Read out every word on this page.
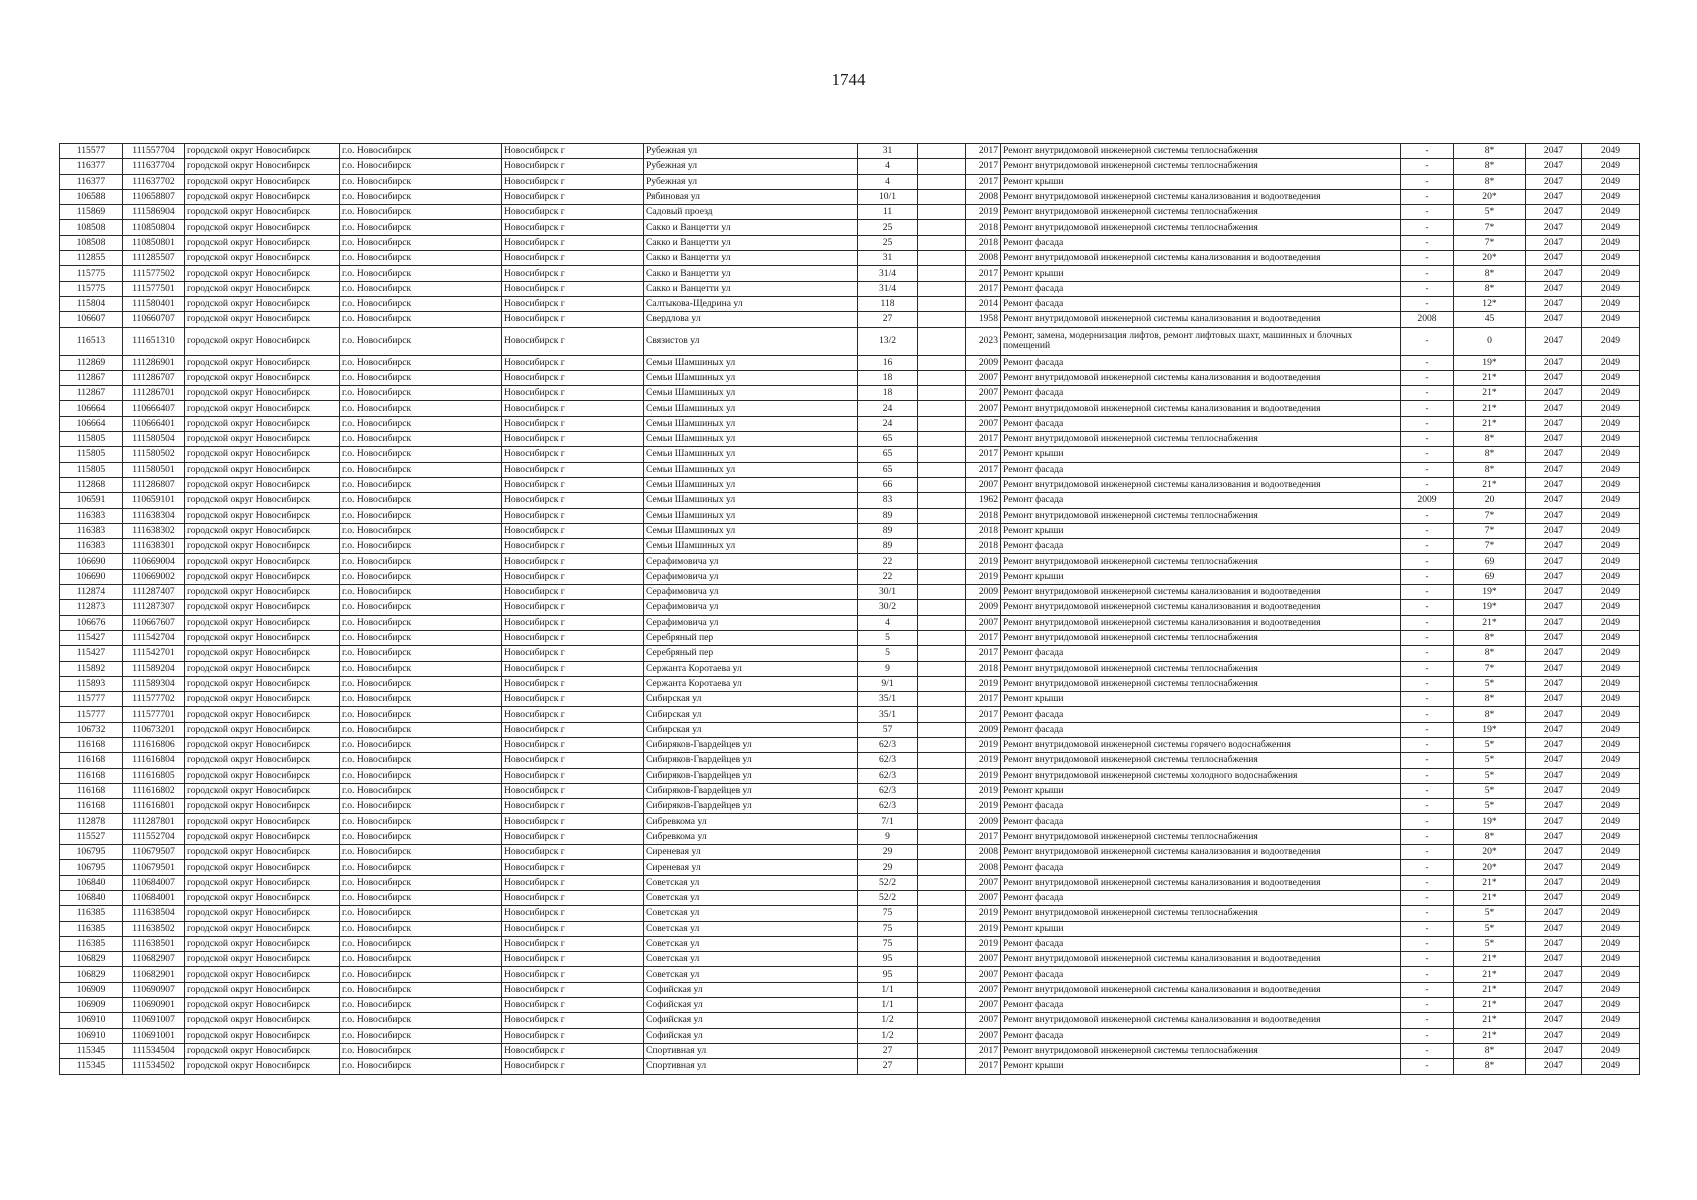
1744
115577	111557704	городской округ Новосибирск	г.о. Новосибирск	Новосибирск г	Рубежная ул	31		2017	Ремонт внутридомовой инженерной системы теплоснабжения	-	8*	2047	2049
116377	111637704	городской округ Новосибирск	г.о. Новосибирск	Новосибирск г	Рубежная ул	4		2017	Ремонт внутридомовой инженерной системы теплоснабжения	-	8*	2047	2049
116377	111637702	городской округ Новосибирск	г.о. Новосибирск	Новосибирск г	Рубежная ул	4		2017	Ремонт крыши	-	8*	2047	2049
106588	110658807	городской округ Новосибирск	г.о. Новосибирск	Новосибирск г	Рябиновая ул	10/1		2008	Ремонт внутридомовой инженерной системы канализования и водоотведения	-	20*	2047	2049
115869	111586904	городской округ Новосибирск	г.о. Новосибирск	Новосибирск г	Садовый проезд	11		2019	Ремонт внутридомовой инженерной системы теплоснабжения	-	5*	2047	2049
108508	110850804	городской округ Новосибирск	г.о. Новосибирск	Новосибирск г	Сакко и Ванцетти ул	25		2018	Ремонт внутридомовой инженерной системы теплоснабжения	-	7*	2047	2049
108508	110850801	городской округ Новосибирск	г.о. Новосибирск	Новосибирск г	Сакко и Ванцетти ул	25		2018	Ремонт фасада	-	7*	2047	2049
112855	111285507	городской округ Новосибирск	г.о. Новосибирск	Новосибирск г	Сакко и Ванцетти ул	31		2008	Ремонт внутридомовой инженерной системы канализования и водоотведения	-	20*	2047	2049
115775	111577502	городской округ Новосибирск	г.о. Новосибирск	Новосибирск г	Сакко и Ванцетти ул	31/4		2017	Ремонт крыши	-	8*	2047	2049
115775	111577501	городской округ Новосибирск	г.о. Новосибирск	Новосибирск г	Сакко и Ванцетти ул	31/4		2017	Ремонт фасада	-	8*	2047	2049
115804	111580401	городской округ Новосибирск	г.о. Новосибирск	Новосибирск г	Салтыкова-Щедрина ул	118		2014	Ремонт фасада	-	12*	2047	2049
106607	110660707	городской округ Новосибирск	г.о. Новосибирск	Новосибирск г	Свердлова ул	27		1958	Ремонт внутридомовой инженерной системы канализования и водоотведения	2008	45	2047	2049
116513	111651310	городской округ Новосибирск	г.о. Новосибирск	Новосибирск г	Связистов ул	13/2		2023	Ремонт, замена, модернизация лифтов, ремонт лифтовых шахт, машинных и блочных помещений	-	0	2047	2049
112869	111286901	городской округ Новосибирск	г.о. Новосибирск	Новосибирск г	Семьи Шамшиных ул	16		2009	Ремонт фасада	-	19*	2047	2049
112867	111286707	городской округ Новосибирск	г.о. Новосибирск	Новосибирск г	Семьи Шамшиных ул	18		2007	Ремонт внутридомовой инженерной системы канализования и водоотведения	-	21*	2047	2049
112867	111286701	городской округ Новосибирск	г.о. Новосибирск	Новосибирск г	Семьи Шамшиных ул	18		2007	Ремонт фасада	-	21*	2047	2049
106664	110666407	городской округ Новосибирск	г.о. Новосибирск	Новосибирск г	Семьи Шамшиных ул	24		2007	Ремонт внутридомовой инженерной системы канализования и водоотведения	-	21*	2047	2049
106664	110666401	городской округ Новосибирск	г.о. Новосибирск	Новосибирск г	Семьи Шамшиных ул	24		2007	Ремонт фасада	-	21*	2047	2049
115805	111580504	городской округ Новосибирск	г.о. Новосибирск	Новосибирск г	Семьи Шамшиных ул	65		2017	Ремонт внутридомовой инженерной системы теплоснабжения	-	8*	2047	2049
115805	111580502	городской округ Новосибирск	г.о. Новосибирск	Новосибирск г	Семьи Шамшиных ул	65		2017	Ремонт крыши	-	8*	2047	2049
115805	111580501	городской округ Новосибирск	г.о. Новосибирск	Новосибирск г	Семьи Шамшиных ул	65		2017	Ремонт фасада	-	8*	2047	2049
112868	111286807	городской округ Новосибирск	г.о. Новосибирск	Новосибирск г	Семьи Шамшиных ул	66		2007	Ремонт внутридомовой инженерной системы канализования и водоотведения	-	21*	2047	2049
106591	110659101	городской округ Новосибирск	г.о. Новосибирск	Новосибирск г	Семьи Шамшиных ул	83		1962	Ремонт фасада	2009	20	2047	2049
116383	111638304	городской округ Новосибирск	г.о. Новосибирск	Новосибирск г	Семьи Шамшиных ул	89		2018	Ремонт внутридомовой инженерной системы теплоснабжения	-	7*	2047	2049
116383	111638302	городской округ Новосибирск	г.о. Новосибирск	Новосибирск г	Семьи Шамшиных ул	89		2018	Ремонт крыши	-	7*	2047	2049
116383	111638301	городской округ Новосибирск	г.о. Новосибирск	Новосибирск г	Семьи Шамшиных ул	89		2018	Ремонт фасада	-	7*	2047	2049
106690	110669004	городской округ Новосибирск	г.о. Новосибирск	Новосибирск г	Серафимовича ул	22		2019	Ремонт внутридомовой инженерной системы теплоснабжения	-	69	2047	2049
106690	110669002	городской округ Новосибирск	г.о. Новосибирск	Новосибирск г	Серафимовича ул	22		2019	Ремонт крыши	-	69	2047	2049
112874	111287407	городской округ Новосибирск	г.о. Новосибирск	Новосибирск г	Серафимовича ул	30/1		2009	Ремонт внутридомовой инженерной системы канализования и водоотведения	-	19*	2047	2049
112873	111287307	городской округ Новосибирск	г.о. Новосибирск	Новосибирск г	Серафимовича ул	30/2		2009	Ремонт внутридомовой инженерной системы канализования и водоотведения	-	19*	2047	2049
106676	110667607	городской округ Новосибирск	г.о. Новосибирск	Новосибирск г	Серафимовича ул	4		2007	Ремонт внутридомовой инженерной системы канализования и водоотведения	-	21*	2047	2049
115427	111542704	городской округ Новосибирск	г.о. Новосибирск	Новосибирск г	Серебряный пер	5		2017	Ремонт внутридомовой инженерной системы теплоснабжения	-	8*	2047	2049
115427	111542701	городской округ Новосибирск	г.о. Новосибирск	Новосибирск г	Серебряный пер	5		2017	Ремонт фасада	-	8*	2047	2049
115892	111589204	городской округ Новосибирск	г.о. Новосибирск	Новосибирск г	Сержанта Коротаева ул	9		2018	Ремонт внутридомовой инженерной системы теплоснабжения	-	7*	2047	2049
115893	111589304	городской округ Новосибирск	г.о. Новосибирск	Новосибирск г	Сержанта Коротаева ул	9/1		2019	Ремонт внутридомовой инженерной системы теплоснабжения	-	5*	2047	2049
115777	111577702	городской округ Новосибирск	г.о. Новосибирск	Новосибирск г	Сибирская ул	35/1		2017	Ремонт крыши	-	8*	2047	2049
115777	111577701	городской округ Новосибирск	г.о. Новосибирск	Новосибирск г	Сибирская ул	35/1		2017	Ремонт фасада	-	8*	2047	2049
106732	110673201	городской округ Новосибирск	г.о. Новосибирск	Новосибирск г	Сибирская ул	57		2009	Ремонт фасада	-	19*	2047	2049
116168	111616806	городской округ Новосибирск	г.о. Новосибирск	Новосибирск г	Сибиряков-Гвардейцев ул	62/3		2019	Ремонт внутридомовой инженерной системы горячего водоснабжения	-	5*	2047	2049
116168	111616804	городской округ Новосибирск	г.о. Новосибирск	Новосибирск г	Сибиряков-Гвардейцев ул	62/3		2019	Ремонт внутридомовой инженерной системы теплоснабжения	-	5*	2047	2049
116168	111616805	городской округ Новосибирск	г.о. Новосибирск	Новосибирск г	Сибиряков-Гвардейцев ул	62/3		2019	Ремонт внутридомовой инженерной системы холодного водоснабжения	-	5*	2047	2049
116168	111616802	городской округ Новосибирск	г.о. Новосибирск	Новосибирск г	Сибиряков-Гвардейцев ул	62/3		2019	Ремонт крыши	-	5*	2047	2049
116168	111616801	городской округ Новосибирск	г.о. Новосибирск	Новосибирск г	Сибиряков-Гвардейцев ул	62/3		2019	Ремонт фасада	-	5*	2047	2049
112878	111287801	городской округ Новосибирск	г.о. Новосибирск	Новосибирск г	Сибревкома ул	7/1		2009	Ремонт фасада	-	19*	2047	2049
115527	111552704	городской округ Новосибирск	г.о. Новосибирск	Новосибирск г	Сибревкома ул	9		2017	Ремонт внутридомовой инженерной системы теплоснабжения	-	8*	2047	2049
106795	110679507	городской округ Новосибирск	г.о. Новосибирск	Новосибирск г	Сиреневая ул	29		2008	Ремонт внутридомовой инженерной системы канализования и водоотведения	-	20*	2047	2049
106795	110679501	городской округ Новосибирск	г.о. Новосибирск	Новосибирск г	Сиреневая ул	29		2008	Ремонт фасада	-	20*	2047	2049
106840	110684007	городской округ Новосибирск	г.о. Новосибирск	Новосибирск г	Советская ул	52/2		2007	Ремонт внутридомовой инженерной системы канализования и водоотведения	-	21*	2047	2049
106840	110684001	городской округ Новосибирск	г.о. Новосибирск	Новосибирск г	Советская ул	52/2		2007	Ремонт фасада	-	21*	2047	2049
116385	111638504	городской округ Новосибирск	г.о. Новосибирск	Новосибирск г	Советская ул	75		2019	Ремонт внутридомовой инженерной системы теплоснабжения	-	5*	2047	2049
116385	111638502	городской округ Новосибирск	г.о. Новосибирск	Новосибирск г	Советская ул	75		2019	Ремонт крыши	-	5*	2047	2049
116385	111638501	городской округ Новосибирск	г.о. Новосибирск	Новосибирск г	Советская ул	75		2019	Ремонт фасада	-	5*	2047	2049
106829	110682907	городской округ Новосибирск	г.о. Новосибирск	Новосибирск г	Советская ул	95		2007	Ремонт внутридомовой инженерной системы канализования и водоотведения	-	21*	2047	2049
106829	110682901	городской округ Новосибирск	г.о. Новосибирск	Новосибирск г	Советская ул	95		2007	Ремонт фасада	-	21*	2047	2049
106909	110690907	городской округ Новосибирск	г.о. Новосибирск	Новосибирск г	Софийская ул	1/1		2007	Ремонт внутридомовой инженерной системы канализования и водоотведения	-	21*	2047	2049
106909	110690901	городской округ Новосибирск	г.о. Новосибирск	Новосибирск г	Софийская ул	1/1		2007	Ремонт фасада	-	21*	2047	2049
106910	110691007	городской округ Новосибирск	г.о. Новосибирск	Новосибирск г	Софийская ул	1/2		2007	Ремонт внутридомовой инженерной системы канализования и водоотведения	-	21*	2047	2049
106910	110691001	городской округ Новосибирск	г.о. Новосибирск	Новосибирск г	Софийская ул	1/2		2007	Ремонт фасада	-	21*	2047	2049
115345	111534504	городской округ Новосибирск	г.о. Новосибирск	Новосибирск г	Спортивная ул	27		2017	Ремонт внутридомовой инженерной системы теплоснабжения	-	8*	2047	2049
115345	111534502	городской округ Новосибирск	г.о. Новосибирск	Новосибирск г	Спортивная ул	27		2017	Ремонт крыши	-	8*	2047	2049
